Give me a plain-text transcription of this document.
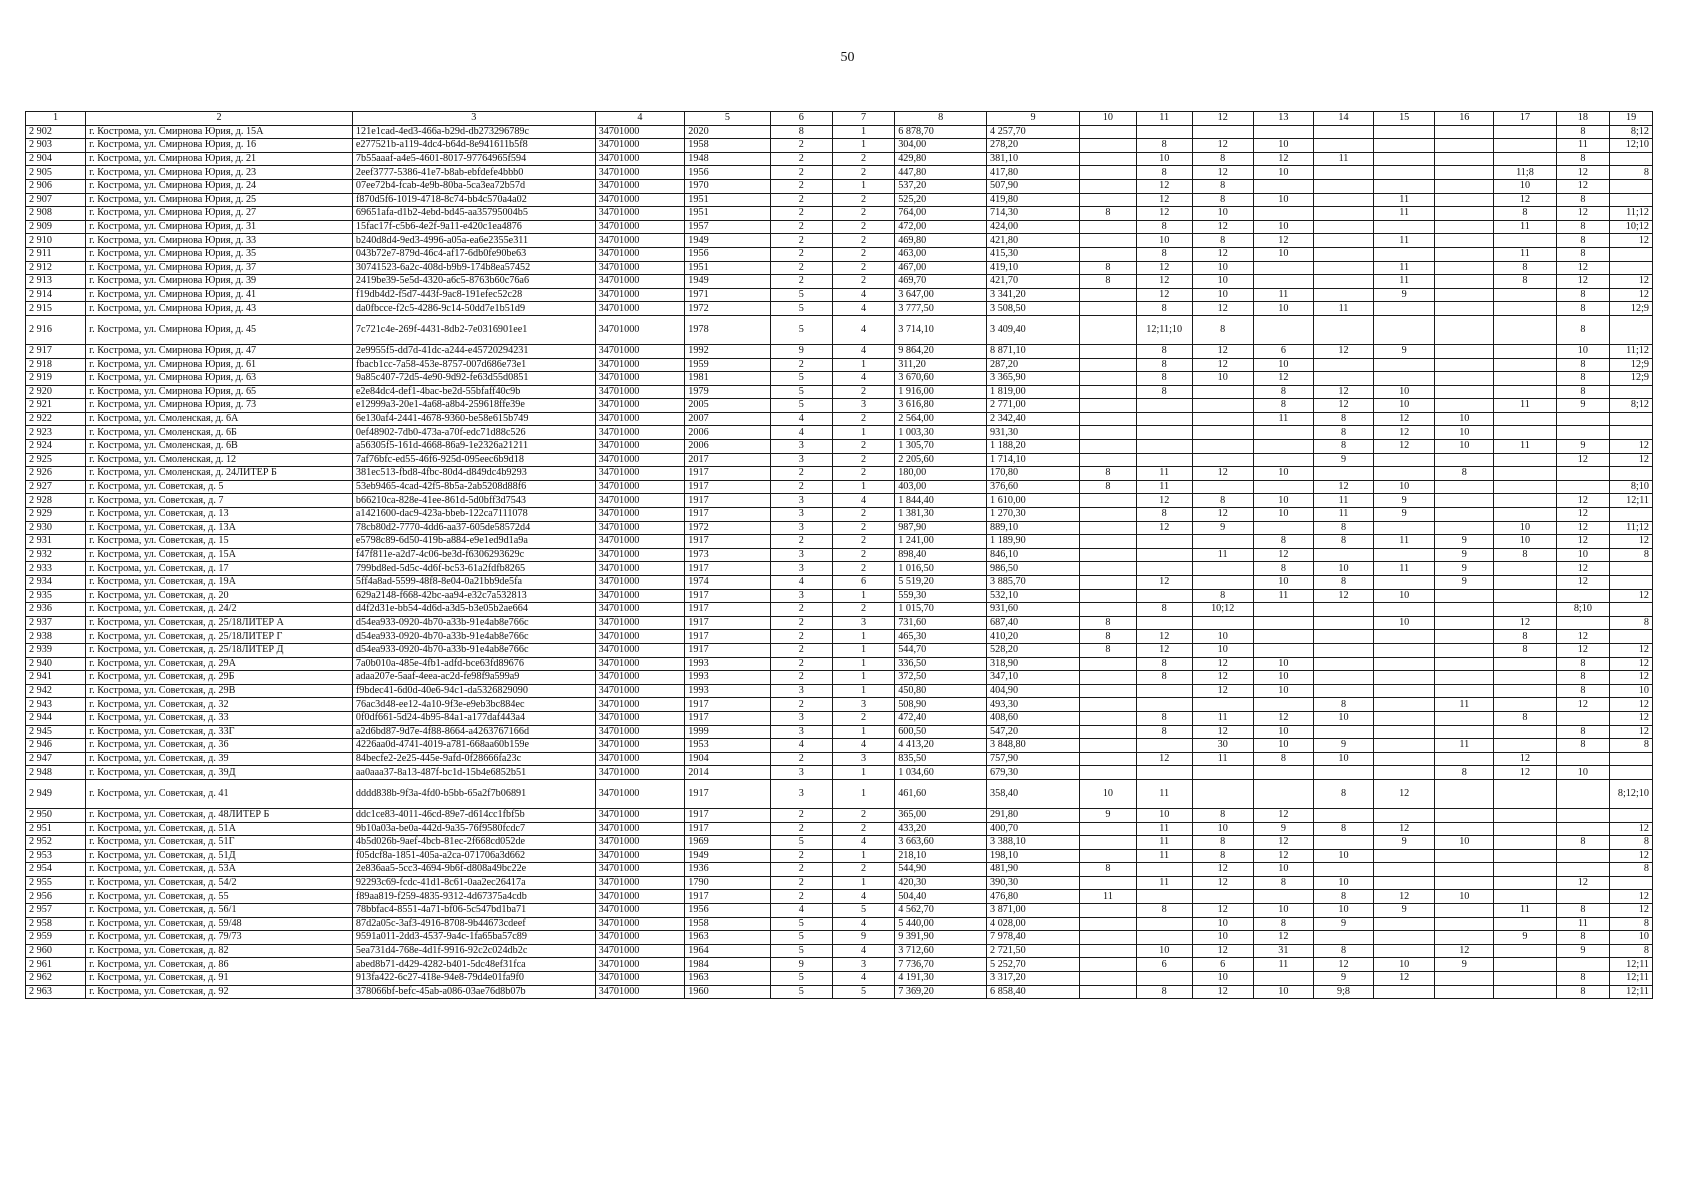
50
1	2	3	4	5	6	7	8	9	10	11	12	13	14	15	16	17	18	19
2 902	г. Кострома, ул. Смирнова Юрия, д. 15А	121e1cad-4ed3-466a-b29d-db273296789c	34701000	2020	8	1	6 878,70	4 257,70									8	8;12
2 903	г. Кострома, ул. Смирнова Юрия, д. 16	e277521b-a119-4dc4-b64d-8e941611b5f8	34701000	1958	2	1	304,00	278,20		8	12	10					11	12;10
2 904	г. Кострома, ул. Смирнова Юрия, д. 21	7b55aaaf-a4e5-4601-8017-97764965f594	34701000	1948	2	2	429,80	381,10		10	8	12	11				8	
2 905	г. Кострома, ул. Смирнова Юрия, д. 23	2eef3777-5386-41e7-b8ab-ebfdefe4bbb0	34701000	1956	2	2	447,80	417,80		8	12	10				11;8	12	8
2 906	г. Кострома, ул. Смирнова Юрия, д. 24	07ee72b4-fcab-4e9b-80ba-5ca3ea72b57d	34701000	1970	2	1	537,20	507,90		12	8					10	12	
2 907	г. Кострома, ул. Смирнова Юрия, д. 25	f870d5f6-1019-4718-8c74-bb4c570a4a02	34701000	1951	2	2	525,20	419,80		12	8	10		11		12	8	
2 908	г. Кострома, ул. Смирнова Юрия, д. 27	69651afa-d1b2-4ebd-bd45-aa35795004b5	34701000	1951	2	2	764,00	714,30	8	12	10			11		8	12	11;12
2 909	г. Кострома, ул. Смирнова Юрия, д. 31	15fac17f-c5b6-4e2f-9a11-e420c1ea4876	34701000	1957	2	2	472,00	424,00		8	12	10				11	8	10;12
2 910	г. Кострома, ул. Смирнова Юрия, д. 33	b240d8d4-9ed3-4996-a05a-ea6e2355e311	34701000	1949	2	2	469,80	421,80		10	8	12		11			8	12
2 911	г. Кострома, ул. Смирнова Юрия, д. 35	043b72e7-879d-46c4-af17-6db0fe90be63	34701000	1956	2	2	463,00	415,30		8	12	10				11	8	
2 912	г. Кострома, ул. Смирнова Юрия, д. 37	30741523-6a2c-408d-b9b9-174b8ea57452	34701000	1951	2	2	467,00	419,10	8	12	10			11		8	12	
2 913	г. Кострома, ул. Смирнова Юрия, д. 39	2419be39-5e5d-4320-a6c5-8763b60c76a6	34701000	1949	2	2	469,70	421,70	8	12	10			11		8	12	12
2 914	г. Кострома, ул. Смирнова Юрия, д. 41	f19db4d2-f5d7-443f-9ac8-191efec52c28	34701000	1971	5	4	3 647,00	3 341,20		12	10	11		9			8	12
2 915	г. Кострома, ул. Смирнова Юрия, д. 43	da0fbcce-f2c5-4286-9c14-50dd7e1b51d9	34701000	1972	5	4	3 777,50	3 508,50		8	12	10	11				8	12;9
2 916	г. Кострома, ул. Смирнова Юрия, д. 45	7c721c4e-269f-4431-8db2-7e0316901ee1	34701000	1978	5	4	3 714,10	3 409,40		12;11;10	8						8	
2 917	г. Кострома, ул. Смирнова Юрия, д. 47	2e9955f5-dd7d-41dc-a244-e45720294231	34701000	1992	9	4	9 864,20	8 871,10		8	12	6	12	9			10	11;12
2 918	г. Кострома, ул. Смирнова Юрия, д. 61	fbacb1cc-7a58-453e-8757-007d686e73e1	34701000	1959	2	1	311,20	287,20		8	12	10					8	12;9
2 919	г. Кострома, ул. Смирнова Юрия, д. 63	9a85c407-72d5-4e90-9d92-fe63d55d0851	34701000	1981	5	4	3 670,60	3 365,90		8	10	12					8	12;9
2 920	г. Кострома, ул. Смирнова Юрия, д. 65	e2e84dc4-def1-4bac-be2d-55bfaff40c9b	34701000	1979	5	2	1 916,00	1 819,00		8		8	12	10			8	
2 921	г. Кострома, ул. Смирнова Юрия, д. 73	e12999a3-20e1-4a68-a8b4-259618ffe39e	34701000	2005	5	3	3 616,80	2 771,00				8	12	10		11	9	8;12
2 922	г. Кострома, ул. Смоленская, д. 6А	6e130af4-2441-4678-9360-be58e615b749	34701000	2007	4	2	2 564,00	2 342,40				11	8	12	10			
2 923	г. Кострома, ул. Смоленская, д. 6Б	0ef48902-7db0-473a-a70f-edc71d88c526	34701000	2006	4	1	1 003,30	931,30					8	12	10			
2 924	г. Кострома, ул. Смоленская, д. 6В	a56305f5-161d-4668-86a9-1e2326a21211	34701000	2006	3	2	1 305,70	1 188,20					8	12	10	11	9	12
2 925	г. Кострома, ул. Смоленская, д. 12	7af76bfc-ed55-46f6-925d-095eec6b9d18	34701000	2017	3	2	2 205,60	1 714,10					9				12	12
2 926	г. Кострома, ул. Смоленская, д. 24ЛИТЕР Б	381ec513-fbd8-4fbc-80d4-d849dc4b9293	34701000	1917	2	2	180,00	170,80	8	11	12	10			8			
2 927	г. Кострома, ул. Советская, д. 5	53eb9465-4cad-42f5-8b5a-2ab5208d88f6	34701000	1917	2	1	403,00	376,60	8	11			12	10				8;10
2 928	г. Кострома, ул. Советская, д. 7	b66210ca-828e-41ee-861d-5d0bff3d7543	34701000	1917	3	4	1 844,40	1 610,00		12	8	10	11	9			12	12;11
2 929	г. Кострома, ул. Советская, д. 13	a1421600-dac9-423a-bbeb-122ca7111078	34701000	1917	3	2	1 381,30	1 270,30		8	12	10	11	9			12	
2 930	г. Кострома, ул. Советская, д. 13А	78cb80d2-7770-4dd6-aa37-605de58572d4	34701000	1972	3	2	987,90	889,10		12	9		8			10	12	11;12
2 931	г. Кострома, ул. Советская, д. 15	e5798c89-6d50-419b-a884-e9e1ed9d1a9a	34701000	1917	2	2	1 241,00	1 189,90				8	8	11	9	10	12	12
2 932	г. Кострома, ул. Советская, д. 15А	f47f811e-a2d7-4c06-be3d-f6306293629c	34701000	1973	3	2	898,40	846,10			11	12			9	8	10	8
2 933	г. Кострома, ул. Советская, д. 17	799bd8ed-5d5c-4d6f-bc53-61a2fdfb8265	34701000	1917	3	2	1 016,50	986,50				8	10	11	9		12	
2 934	г. Кострома, ул. Советская, д. 19А	5ff4a8ad-5599-48f8-8e04-0a21bb9de5fa	34701000	1974	4	6	5 519,20	3 885,70		12		10	8		9		12	
2 935	г. Кострома, ул. Советская, д. 20	629a2148-f668-42bc-aa94-e32c7a532813	34701000	1917	3	1	559,30	532,10			8	11	12	10				12
2 936	г. Кострома, ул. Советская, д. 24/2	d4f2d31e-bb54-4d6d-a3d5-b3e05b2ae664	34701000	1917	2	2	1 015,70	931,60		8	10;12						8;10	
2 937	г. Кострома, ул. Советская, д. 25/18ЛИТЕР А	d54ea933-0920-4b70-a33b-91e4ab8e766c	34701000	1917	2	3	731,60	687,40	8					10		12		8
2 938	г. Кострома, ул. Советская, д. 25/18ЛИТЕР Г	d54ea933-0920-4b70-a33b-91e4ab8e766c	34701000	1917	2	1	465,30	410,20	8	12	10					8	12	
2 939	г. Кострома, ул. Советская, д. 25/18ЛИТЕР Д	d54ea933-0920-4b70-a33b-91e4ab8e766c	34701000	1917	2	1	544,70	528,20	8	12	10					8	12	12
2 940	г. Кострома, ул. Советская, д. 29А	7a0b010a-485e-4fb1-adfd-bce63fd89676	34701000	1993	2	1	336,50	318,90		8	12	10					8	12
2 941	г. Кострома, ул. Советская, д. 29Б	adaa207e-5aaf-4eea-ac2d-fe98f9a599a9	34701000	1993	2	1	372,50	347,10		8	12	10					8	12
2 942	г. Кострома, ул. Советская, д. 29В	f9bdec41-6d0d-40e6-94c1-da5326829090	34701000	1993	3	1	450,80	404,90			12	10					8	10
2 943	г. Кострома, ул. Советская, д. 32	76ac3d48-ee12-4a10-9f3e-e9eb3bc884ec	34701000	1917	2	3	508,90	493,30					8		11		12	12
2 944	г. Кострома, ул. Советская, д. 33	0f0df661-5d24-4b95-84a1-a177daf443a4	34701000	1917	3	2	472,40	408,60		8	11	12	10			8		12
2 945	г. Кострома, ул. Советская, д. 33Г	a2d6bd87-9d7e-4f88-8664-a4263767166d	34701000	1999	3	1	600,50	547,20		8	12	10					8	12
2 946	г. Кострома, ул. Советская, д. 36	4226aa0d-4741-4019-a781-668aa60b159e	34701000	1953	4	4	4 413,20	3 848,80			30	10	9		11		8	8
2 947	г. Кострома, ул. Советская, д. 39	84becfe2-2e25-445e-9afd-0f28666fa23c	34701000	1904	2	3	835,50	757,90		12	11	8	10			12		
2 948	г. Кострома, ул. Советская, д. 39Д	aa0aaa37-8a13-487f-bc1d-15b4e6852b51	34701000	2014	3	1	1 034,60	679,30							8	12	10	
2 949	г. Кострома, ул. Советская, д. 41	dddd838b-9f3a-4fd0-b5bb-65a2f7b06891	34701000	1917	3	1	461,60	358,40	10	11			8	12				8;12;10
2 950	г. Кострома, ул. Советская, д. 48ЛИТЕР Б	ddc1ce83-4011-46cd-89e7-d614cc1fbf5b	34701000	1917	2	2	365,00	291,80	9	10	8	12						
2 951	г. Кострома, ул. Советская, д. 51А	9b10a03a-be0a-442d-9a35-76f9580fcdc7	34701000	1917	2	2	433,20	400,70		11	10	9	8	12				12
2 952	г. Кострома, ул. Советская, д. 51Г	4b5d026b-9aef-4bcb-81ec-2f668cd052de	34701000	1969	5	4	3 663,60	3 388,10		11	8	12		9	10		8	8
2 953	г. Кострома, ул. Советская, д. 51Д	f05dcf8a-1851-405a-a2ca-071706a3d662	34701000	1949	2	1	218,10	198,10		11	8	12	10					12
2 954	г. Кострома, ул. Советская, д. 53А	2e836aa5-5cc3-4694-9b6f-d808a49bc22e	34701000	1936	2	2	544,90	481,90	8		12	10						8
2 955	г. Кострома, ул. Советская, д. 54/2	92293c69-fcdc-41d1-8c61-0aa2ec26417a	34701000	1790	2	1	420,30	390,30		11	12	8	10				12	
2 956	г. Кострома, ул. Советская, д. 55	f89aa819-f259-4835-9312-4d67375a4cdb	34701000	1917	2	4	504,40	476,80	11				8	12	10			12
2 957	г. Кострома, ул. Советская, д. 56/1	78bbfac4-8551-4a71-bf06-5c547bd1ba71	34701000	1956	4	5	4 562,70	3 871,00		8	12	10	10	9		11	8	12
2 958	г. Кострома, ул. Советская, д. 59/48	87d2a05c-3af3-4916-8708-9b44673cdeef	34701000	1958	5	4	5 440,00	4 028,00			10	8	9				11	8
2 959	г. Кострома, ул. Советская, д. 79/73	9591a011-2dd3-4537-9a4c-1fa65ba57c89	34701000	1963	5	9	9 391,90	7 978,40			10	12				9	8	10
2 960	г. Кострома, ул. Советская, д. 82	5ea731d4-768e-4d1f-9916-92c2c024db2c	34701000	1964	5	4	3 712,60	2 721,50		10	12	31	8		12		9	8
2 961	г. Кострома, ул. Советская, д. 86	abed8b71-d429-4282-b401-5dc48ef31fca	34701000	1984	9	3	7 736,70	5 252,70		6	6	11	12	10	9			12;11
2 962	г. Кострома, ул. Советская, д. 91	913fa422-6c27-418e-94e8-79d4e01fa9f0	34701000	1963	5	4	4 191,30	3 317,20			10		9	12			8	12;11
2 963	г. Кострома, ул. Советская, д. 92	378066bf-befc-45ab-a086-03ae76d8b07b	34701000	1960	5	5	7 369,20	6 858,40		8	12	10	9;8				8	12;11
